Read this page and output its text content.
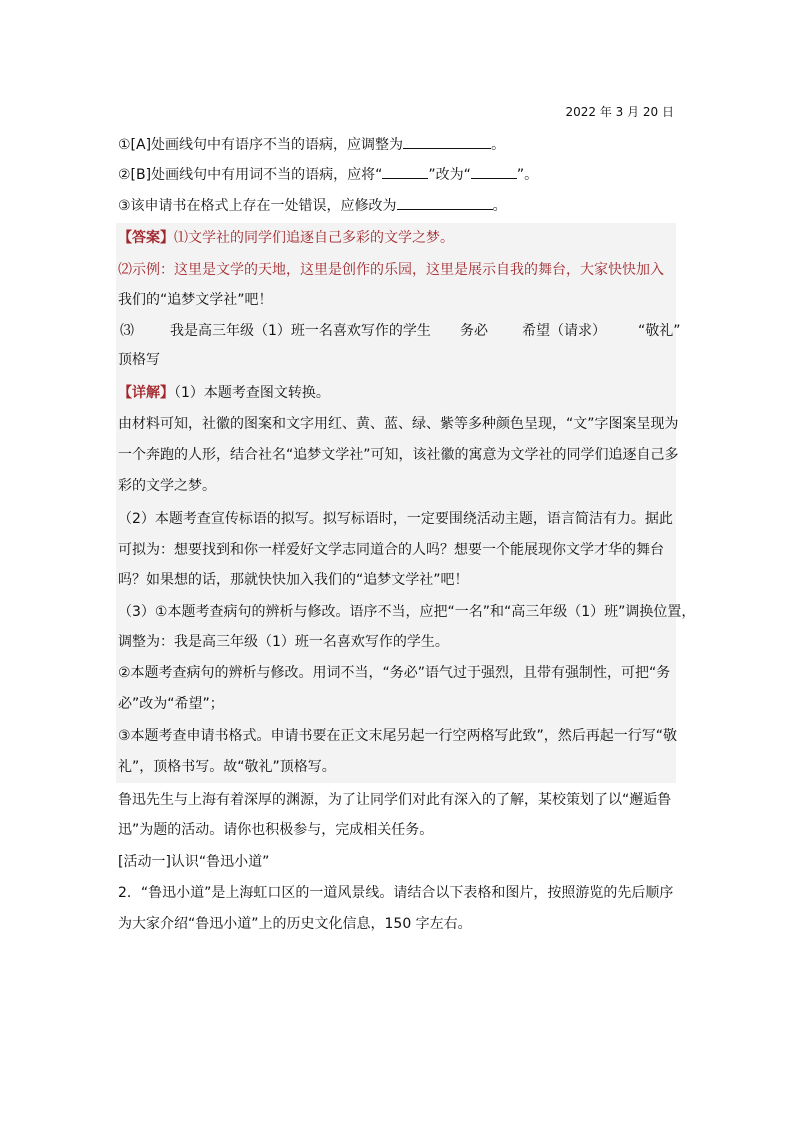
2022 年 3 月 20 日
①[A]处画线句中有语序不当的语病，应调整为	。
②[B]处画线句中有用词不当的语病，应将“	”改为“	”。
③该申请书在格式上存在一处错误，应修改为	。
【答案】⑴文学社的同学们追逐自己多彩的文学之梦。
⑵示例：这里是文学的天地，这里是创作的乐园，这里是展示自我的舞台，大家快快加入
我们的“追梦文学社”吧！
⑶	我是高三年级（1）班一名喜欢写作的学生 务必 希望（请求） “敬礼”
顶格写
【详解】（1）本题考查图文转换。
由材料可知，社徽的图案和文字用红、黄、蓝、绿、紫等多种颜色呈现，“文”字图案呈现为
一个奔跑的人形，结合社名“追梦文学社”可知，该社徽的寓意为文学社的同学们追逐自己多
彩的文学之梦。
（2）本题考查宣传标语的拟写。拟写标语时，一定要围绕活动主题，语言简洁有力。据此
可拟为：想要找到和你一样爱好文学志同道合的人吗？想要一个能展现你文学才华的舞台
吗？如果想的话，那就快快加入我们的“追梦文学社”吧！
（3）①本题考查病句的辨析与修改。语序不当，应把“一名”和“高三年级（1）班”调换位置，
调整为：我是高三年级（1）班一名喜欢写作的学生。
②本题考查病句的辨析与修改。用词不当，“务必”语气过于强烈，且带有强制性，可把“务
必”改为“希望”；
③本题考查申请书格式。申请书要在正文末尾另起一行空两格写此致”，然后再起一行写“敬
礼”，顶格书写。故“敬礼”顶格写。
鲁迅先生与上海有着深厚的渊源，为了让同学们对此有深入的了解，某校策划了以“邂逅鲁
迅”为题的活动。请你也积极参与，完成相关任务。
[活动一]认识“鲁迅小道”
2．“鲁迅小道”是上海虹口区的一道风景线。请结合以下表格和图片，按照游览的先后顺序
为大家介绍“鲁迅小道”上的历史文化信息，150 字左右。
